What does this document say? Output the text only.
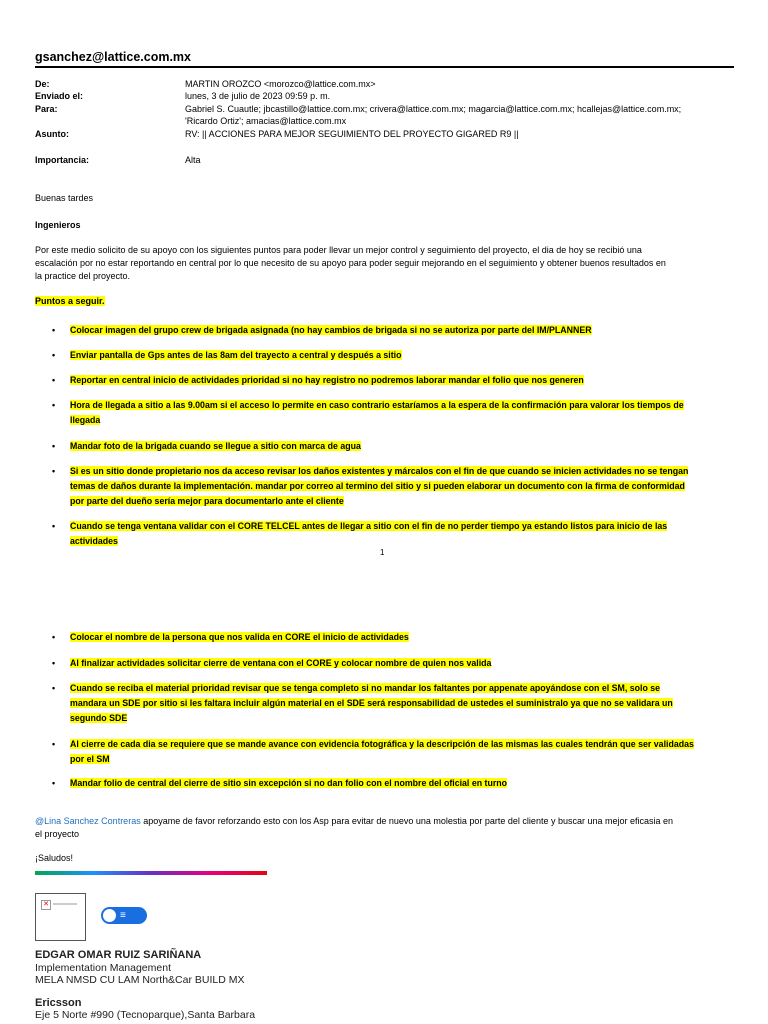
gsanchez@lattice.com.mx
De:	MARTIN OROZCO <morozco@lattice.com.mx>
Enviado el:	lunes, 3 de julio de 2023 09:59 p. m.
Para:	Gabriel S. Cuautle; jbcastillo@lattice.com.mx; crivera@lattice.com.mx; magarcia@lattice.com.mx; hcallejas@lattice.com.mx;
'Ricardo Ortiz'; amacias@lattice.com.mx
Asunto:	RV: || ACCIONES PARA MEJOR SEGUIMIENTO DEL PROYECTO GIGARED R9 ||
Importancia:	Alta
Buenas tardes
Ingenieros
Por este medio solicito de su apoyo con los siguientes puntos para poder llevar un mejor control y seguimiento del proyecto, el dia de hoy se recibió una
escalación por no estar reportando en central por lo que necesito de su apoyo para poder seguir mejorando en el seguimiento y obtener buenos resultados en
la practice del proyecto.
Puntos a seguir.
• Colocar imagen del grupo crew de brigada asignada (no hay cambios de brigada si no se autoriza por parte del IM/PLANNER
• Enviar pantalla de Gps antes de las 8am del trayecto a central y después a sitio
• Reportar en central inicio de actividades prioridad si no hay registro no podremos laborar mandar el folio que nos generen
• Hora de llegada a sitio a las 9.00am si el acceso lo permite en caso contrario estaríamos a la espera de la confirmación para valorar los tiempos de
llegada
• Mandar foto de la brigada cuando se llegue a sitio con marca de agua
• Si es un sitio donde propietario nos da acceso revisar los daños existentes y márcalos con el fin de que cuando se inicien actividades no se tengan
temas de daños durante la implementación. mandar por correo al termino del sitio y si pueden elaborar un documento con la firma de conformidad
por parte del dueño sería mejor para documentarlo ante el cliente
• Cuando se tenga ventana validar con el CORE TELCEL antes de llegar a sitio con el fin de no perder tiempo ya estando listos para inicio de las
actividades
1
• Colocar el nombre de la persona que nos valida en CORE el inicio de actividades
• Al finalizar actividades solicitar cierre de ventana con el CORE y colocar nombre de quien nos valida
• Cuando se reciba el material prioridad revisar que se tenga completo si no mandar los faltantes por appenate apoyándose con el SM, solo se
mandara un SDE por sitio si les faltara incluir algún material en el SDE será responsabilidad de ustedes el suministralo ya que no se validara un
segundo SDE
• Al cierre de cada dia se requiere que se mande avance con evidencia fotográfica y la descripción de las mismas las cuales tendrán que ser validadas
por el SM
• Mandar folio de central del cierre de sitio sin excepción si no dan folio con el nombre del oficial en turno
@Lina Sanchez Contreras apoyame de favor reforzando esto con los Asp para evitar de nuevo una molestia por parte del cliente y buscar una mejor eficasia en
el proyecto
¡Saludos!
✕
≡
EDGAR OMAR RUIZ SARIÑANA
Implementation Management
MELA NMSD CU LAM North&Car BUILD MX
Ericsson
Eje 5 Norte #990 (Tecnoparque),Santa Barbara
